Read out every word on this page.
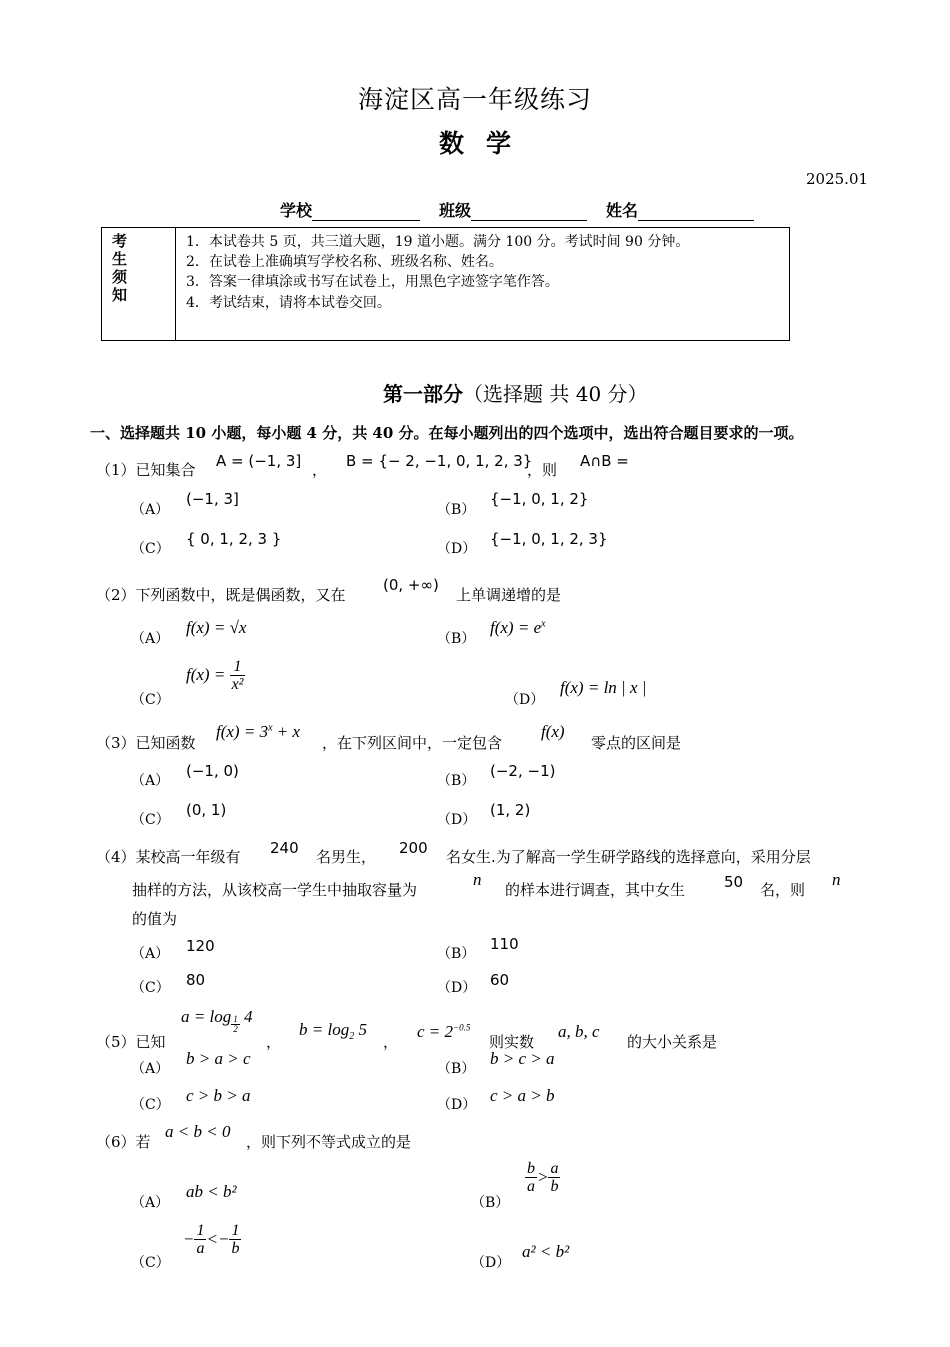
海淀区高一年级练习
数学
2025.01
学校	班级	姓名
考
生
须
知
1．本试卷共 5 页，共三道大题，19 道小题。满分 100 分。考试时间 90 分钟。
2．在试卷上准确填写学校名称、班级名称、姓名。
3．答案一律填涂或书写在试卷上，用黑色字迹签字笔作答。
4．考试结束，请将本试卷交回。
第一部分（选择题 共 40 分）
一、选择题共 10 小题，每小题 4 分，共 40 分。在每小题列出的四个选项中，选出符合题目要求的一项。
（1）已知集合 A = (−1, 3] ， B = {− 2, −1, 0, 1, 2, 3}
，则 A∩B =
（A）
(−1, 3]
（B）
{−1, 0, 1, 2}
（C）
{ 0, 1, 2, 3 }
（D）
{−1, 0, 1, 2, 3}
（2）下列函数中，既是偶函数，又在
(0, +∞)
上单调递增的是
（A）
f(x) = √x
（B）
$f(x) = e^x$
（C）
$f(x) = \frac{1}{\text{x²}}$
（D）
f(x) = ln | x |
（3）已知函数
$f(x) = 3^x + x$
，在下列区间中，一定包含
f(x)
零点的区间是
（A）
(−1, 0)
（B）
(−2, −1)
（C）
(0, 1)
（D）
(1, 2)
（4）某校高一年级有 240 名男生， 200 名女生.为了解高一学生研学路线的选择意向，采用分层
抽样的方法，从该校高一学生中抽取容量为
n
的样本进行调查，其中女生	50 名，则
n
的值为
（A） 120	（B）
110
（C） 80	（D） 60
（5）已知
$a = \log \frac{1}{2} 4$
，
$b = \log_2 5$
，
$c = 2^{-0.5}$
则实数
a, b, c
的大小关系是
（A）
b > a > c
（B）
b > c > a
（C） c > b > a	（D） c > a > b
（6）若
a < b < 0
，则下列不等式成立的是
（A）
ab < b²
（B）
$\frac{b}{a} > \frac{a}{b}$
（C）
− $\frac{1}{a} <- \frac{1}{b}$
（D）
a² < b²
